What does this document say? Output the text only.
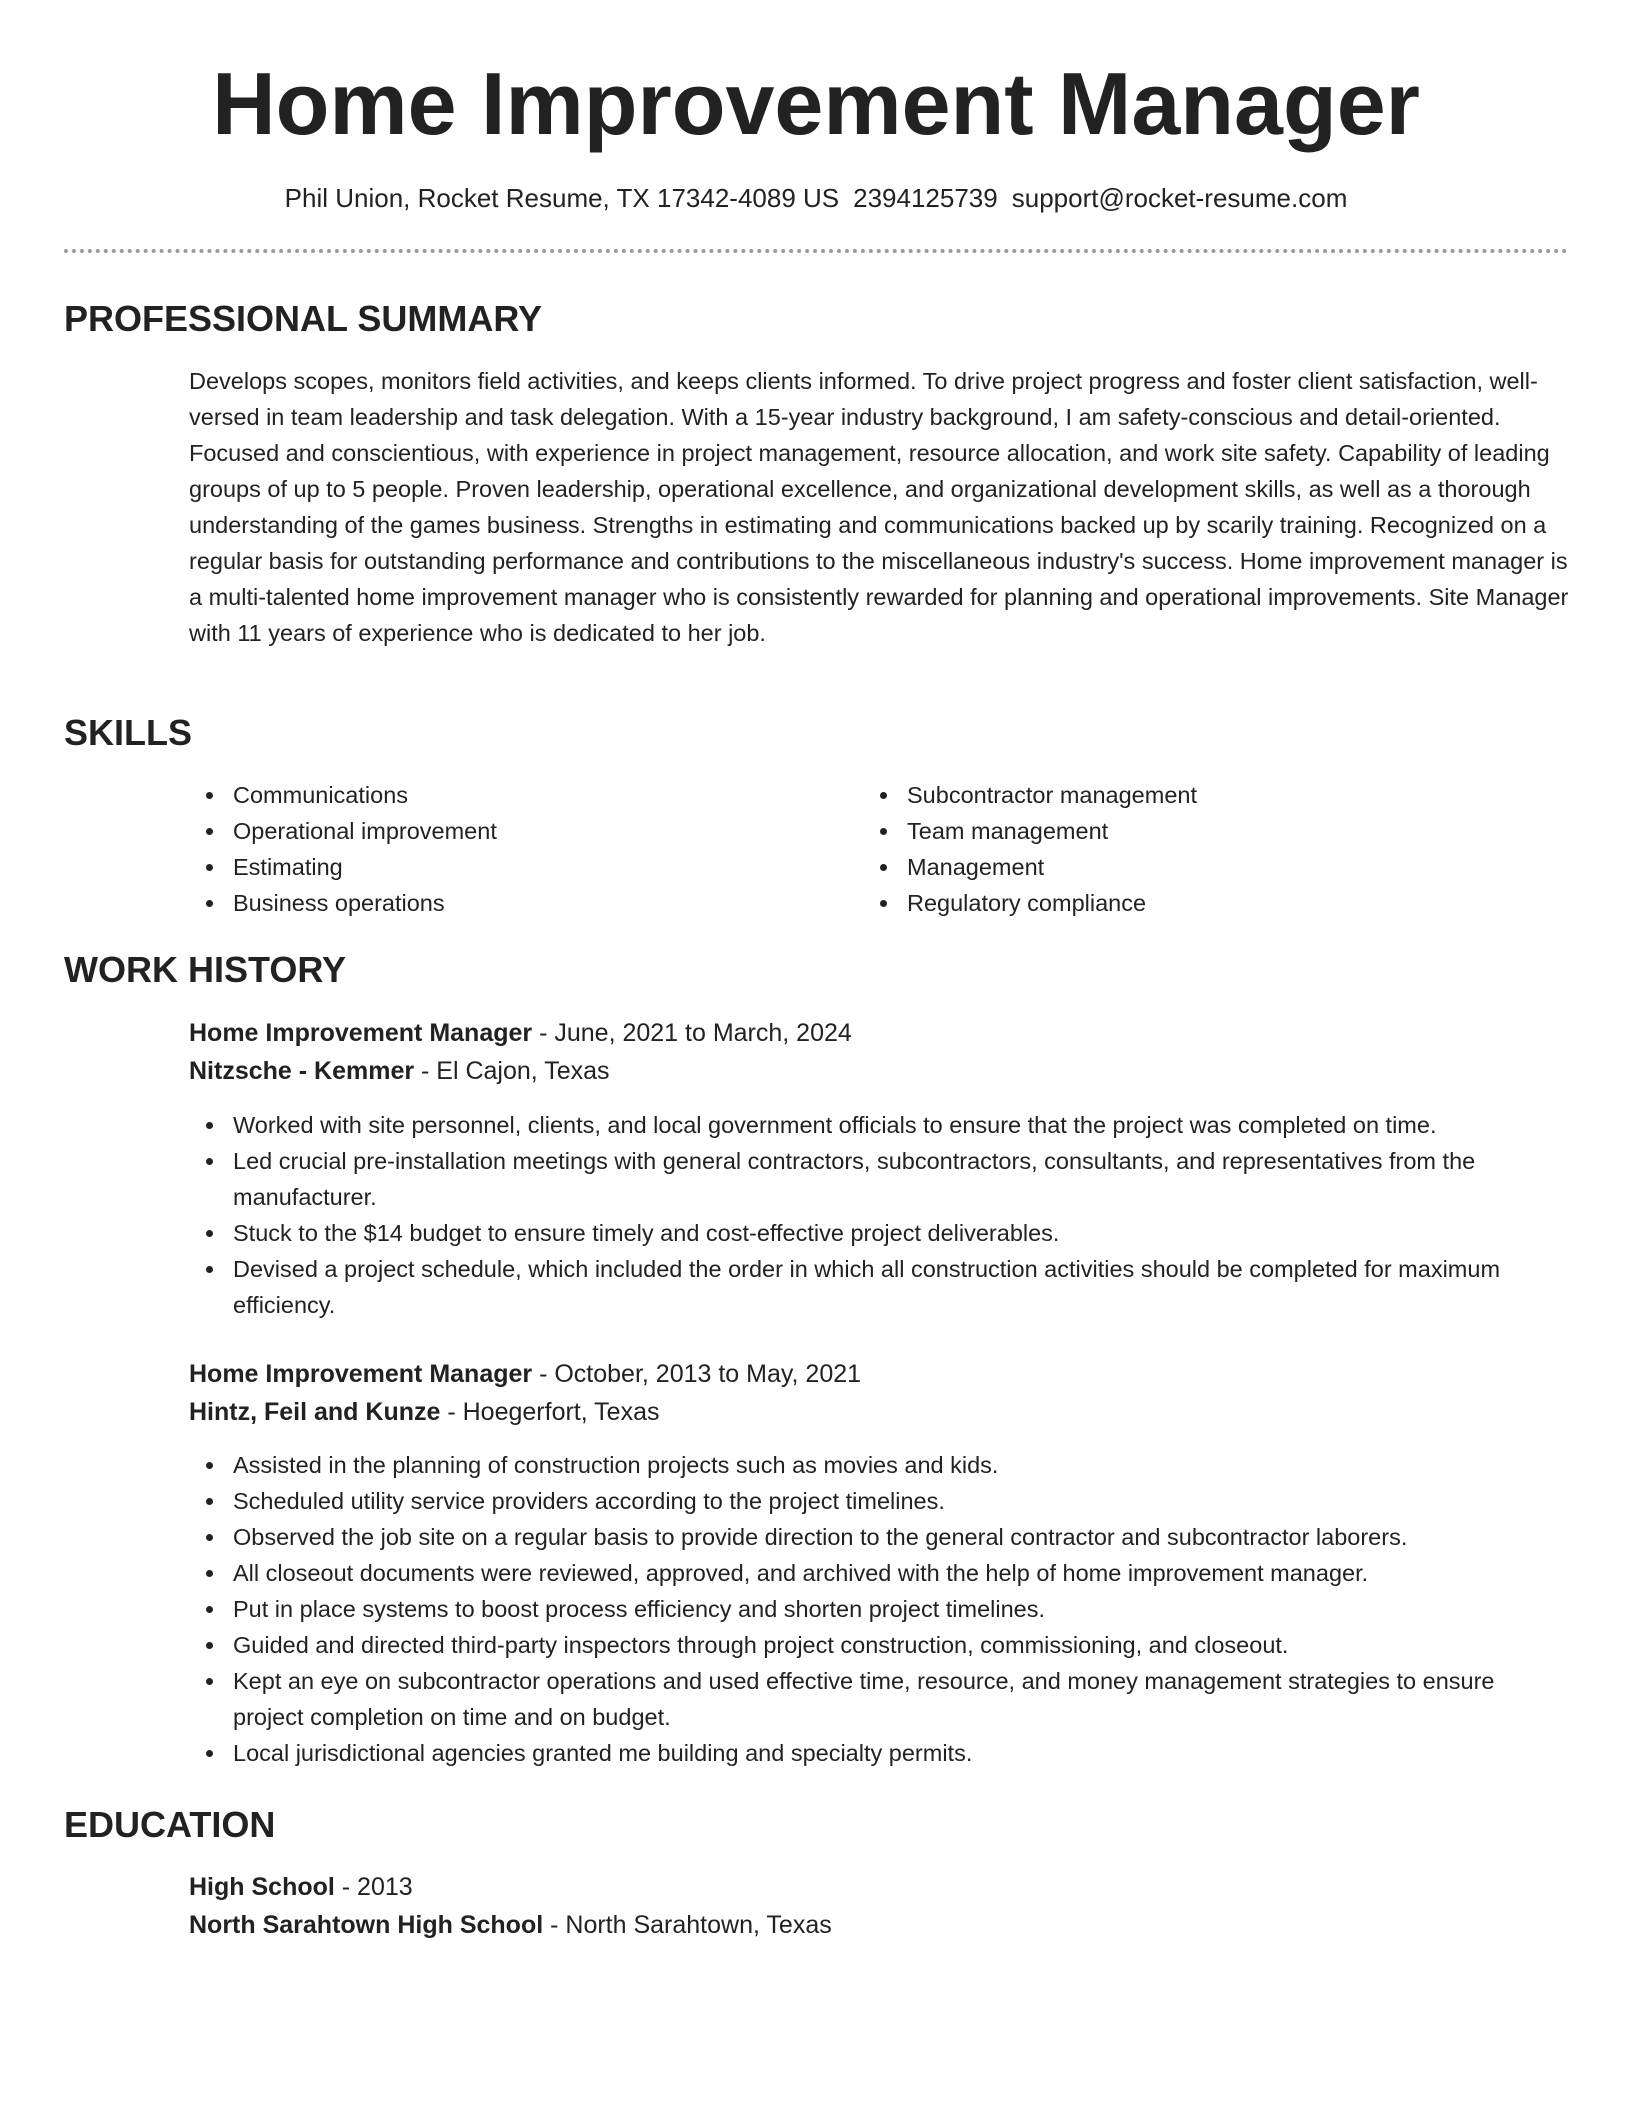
Home Improvement Manager
Phil Union, Rocket Resume, TX 17342-4089 US 2394125739 support@rocket-resume.com
PROFESSIONAL SUMMARY
Develops scopes, monitors field activities, and keeps clients informed. To drive project progress and foster client satisfaction, well-versed in team leadership and task delegation. With a 15-year industry background, I am safety-conscious and detail-oriented. Focused and conscientious, with experience in project management, resource allocation, and work site safety. Capability of leading groups of up to 5 people. Proven leadership, operational excellence, and organizational development skills, as well as a thorough understanding of the games business. Strengths in estimating and communications backed up by scarily training. Recognized on a regular basis for outstanding performance and contributions to the miscellaneous industry's success. Home improvement manager is a multi-talented home improvement manager who is consistently rewarded for planning and operational improvements. Site Manager with 11 years of experience who is dedicated to her job.
SKILLS
Communications
Operational improvement
Estimating
Business operations
Subcontractor management
Team management
Management
Regulatory compliance
WORK HISTORY
Home Improvement Manager - June, 2021 to March, 2024
Nitzsche - Kemmer - El Cajon, Texas
Worked with site personnel, clients, and local government officials to ensure that the project was completed on time.
Led crucial pre-installation meetings with general contractors, subcontractors, consultants, and representatives from the manufacturer.
Stuck to the $14 budget to ensure timely and cost-effective project deliverables.
Devised a project schedule, which included the order in which all construction activities should be completed for maximum efficiency.
Home Improvement Manager - October, 2013 to May, 2021
Hintz, Feil and Kunze - Hoegerfort, Texas
Assisted in the planning of construction projects such as movies and kids.
Scheduled utility service providers according to the project timelines.
Observed the job site on a regular basis to provide direction to the general contractor and subcontractor laborers.
All closeout documents were reviewed, approved, and archived with the help of home improvement manager.
Put in place systems to boost process efficiency and shorten project timelines.
Guided and directed third-party inspectors through project construction, commissioning, and closeout.
Kept an eye on subcontractor operations and used effective time, resource, and money management strategies to ensure project completion on time and on budget.
Local jurisdictional agencies granted me building and specialty permits.
EDUCATION
High School - 2013
North Sarahtown High School - North Sarahtown, Texas
